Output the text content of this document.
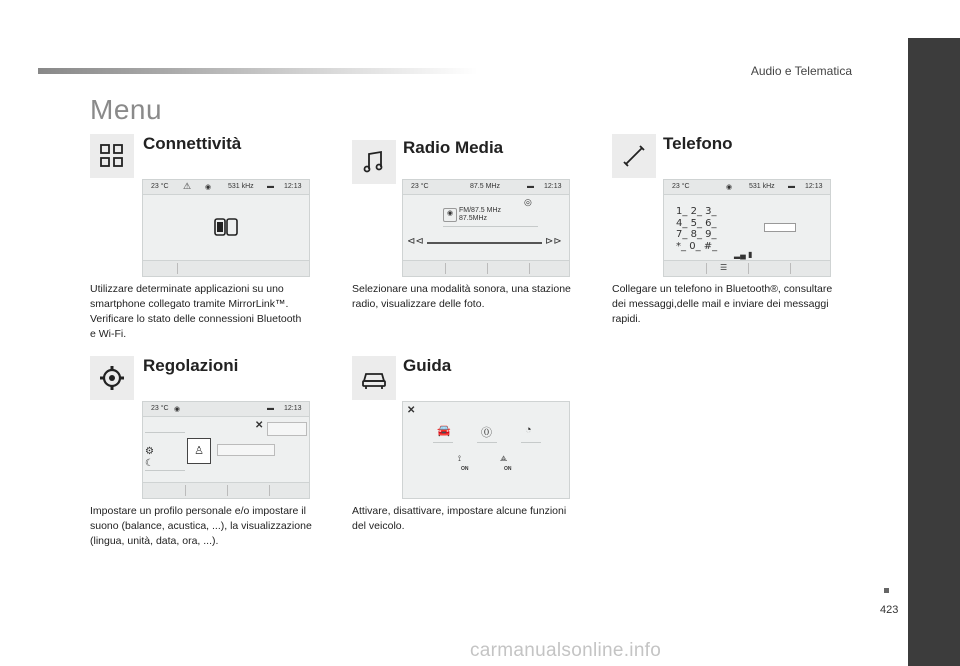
Audio e Telematica
Menu
Connettività
23 °C ⚠ ◉ 531 kHz ▬ 12:13
Utilizzare determinate applicazioni su uno
smartphone collegato tramite MirrorLink™.
Verificare lo stato delle connessioni Bluetooth
e Wi-Fi.
Radio Media
23 °C	87.5 MHz	▬ 12:13
◎
◉ FM/87.5 MHz
87.5MHz
⊲⊲	⊳⊳
Selezionare una modalità sonora, una stazione
radio, visualizzare delle foto.
Telefono
23 °C	◉ 531 kHz ▬ 12:13
1_ 2_ 3_
4_ 5_ 6_
7_ 8_ 9_
*_ 0_ #_
▂▄ ▮
☰
Collegare un telefono in Bluetooth®, consultare
dei messaggi,delle mail e inviare dei messaggi
rapidi.
Regolazioni
23 °C ◉	▬ 12:13
✕
⚙
☾
♙
Impostare un profilo personale e/o impostare il
suono (balance, acustica, ...), la visualizzazione
(lingua, unità, data, ora, ...).
Guida
✕
🚘	⓪	◔
⟟
ON
⟁
ON
Attivare, disattivare, impostare alcune funzioni
del veicolo.
423
carmanualsonline.info
